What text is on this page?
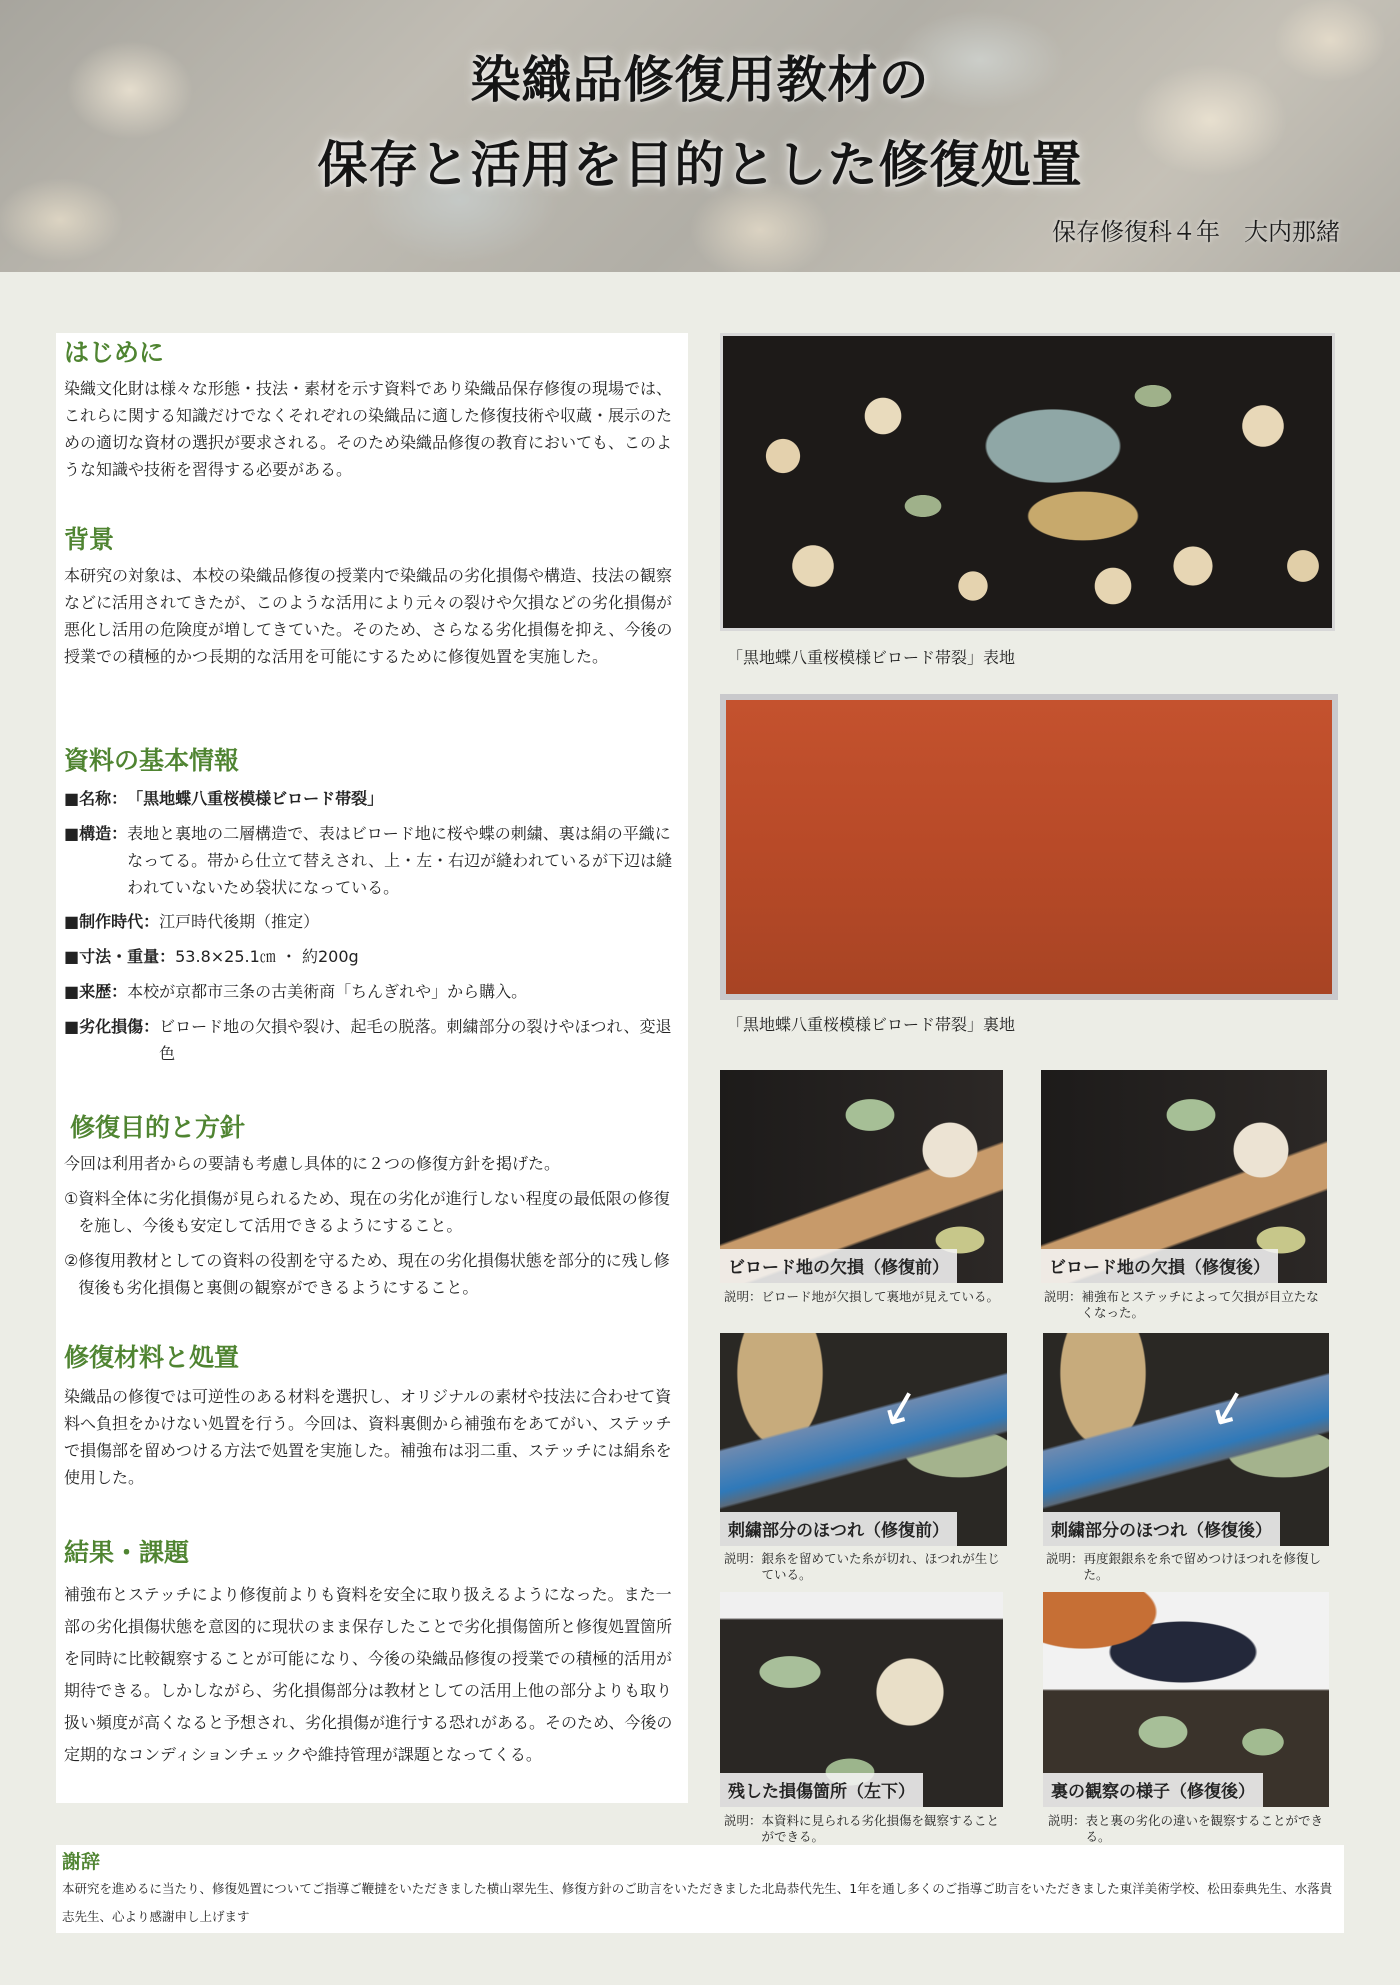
染織品修復用教材の
保存と活用を目的とした修復処置
保存修復科４年　大内那緒
はじめに

染織文化財は様々な形態・技法・素材を示す資料であり染織品保存修復の現場では、これらに関する知識だけでなくそれぞれの染織品に適した修復技術や収蔵・展示のための適切な資材の選択が要求される。そのため染織品修復の教育においても、このような知識や技術を習得する必要がある。

背景

本研究の対象は、本校の染織品修復の授業内で染織品の劣化損傷や構造、技法の観察などに活用されてきたが、このような活用により元々の裂けや欠損などの劣化損傷が悪化し活用の危険度が増してきていた。そのため、さらなる劣化損傷を抑え、今後の授業での積極的かつ長期的な活用を可能にするために修復処置を実施した。

資料の基本情報
■名称： 「黒地蝶八重桜模様ビロード帯裂」
■構造： 表地と裏地の二層構造で、表はビロード地に桜や蝶の刺繍、裏は絹の平織になってる。帯から仕立て替えされ、上・左・右辺が縫われているが下辺は縫われていないため袋状になっている。
■制作時代： 江戸時代後期（推定）
■寸法・重量： 53.8×25.1㎝ ・ 約200g
■来歴： 本校が京都市三条の古美術商「ちんぎれや」から購入。
■劣化損傷： ビロード地の欠損や裂け、起毛の脱落。刺繍部分の裂けやほつれ、変退色
修復目的と方針

今回は利用者からの要請も考慮し具体的に２つの修復方針を掲げた。

① 資料全体に劣化損傷が見られるため、現在の劣化が進行しない程度の最低限の修復を施し、今後も安定して活用できるようにすること。
② 修復用教材としての資料の役割を守るため、現在の劣化損傷状態を部分的に残し修復後も劣化損傷と裏側の観察ができるようにすること。
修復材料と処置

染織品の修復では可逆性のある材料を選択し、オリジナルの素材や技法に合わせて資料へ負担をかけない処置を行う。今回は、資料裏側から補強布をあてがい、ステッチで損傷部を留めつける方法で処置を実施した。補強布は羽二重、ステッチには絹糸を使用した。

結果・課題

補強布とステッチにより修復前よりも資料を安全に取り扱えるようになった。また一部の劣化損傷状態を意図的に現状のまま保存したことで劣化損傷箇所と修復処置箇所を同時に比較観察することが可能になり、今後の染織品修復の授業での積極的活用が期待できる。しかしながら、劣化損傷部分は教材としての活用上他の部分よりも取り扱い頻度が高くなると予想され、劣化損傷が進行する恐れがある。そのため、今後の定期的なコンディションチェックや維持管理が課題となってくる。

「黒地蝶八重桜模様ビロード帯裂」表地

「黒地蝶八重桜模様ビロード帯裂」裏地

ビロード地の欠損（修復前）
説明： ビロード地が欠損して裏地が見えている。
ビロード地の欠損（修復後）
説明： 補強布とステッチによって欠損が目立たなくなった。
↙
刺繍部分のほつれ（修復前）
説明： 銀糸を留めていた糸が切れ、ほつれが生じている。
↙
刺繍部分のほつれ（修復後）
説明： 再度銀銀糸を糸で留めつけほつれを修復した。
残した損傷箇所（左下）
説明： 本資料に見られる劣化損傷を観察することができる。
裏の観察の様子（修復後）
説明： 表と裏の劣化の違いを観察することができる。
謝辞

本研究を進めるに当たり、修復処置についてご指導ご鞭撻をいただきました横山翠先生、修復方針のご助言をいただきました北島恭代先生、1年を通し多くのご指導ご助言をいただきました東洋美術学校、松田泰典先生、水落貴志先生、心より感謝申し上げます
